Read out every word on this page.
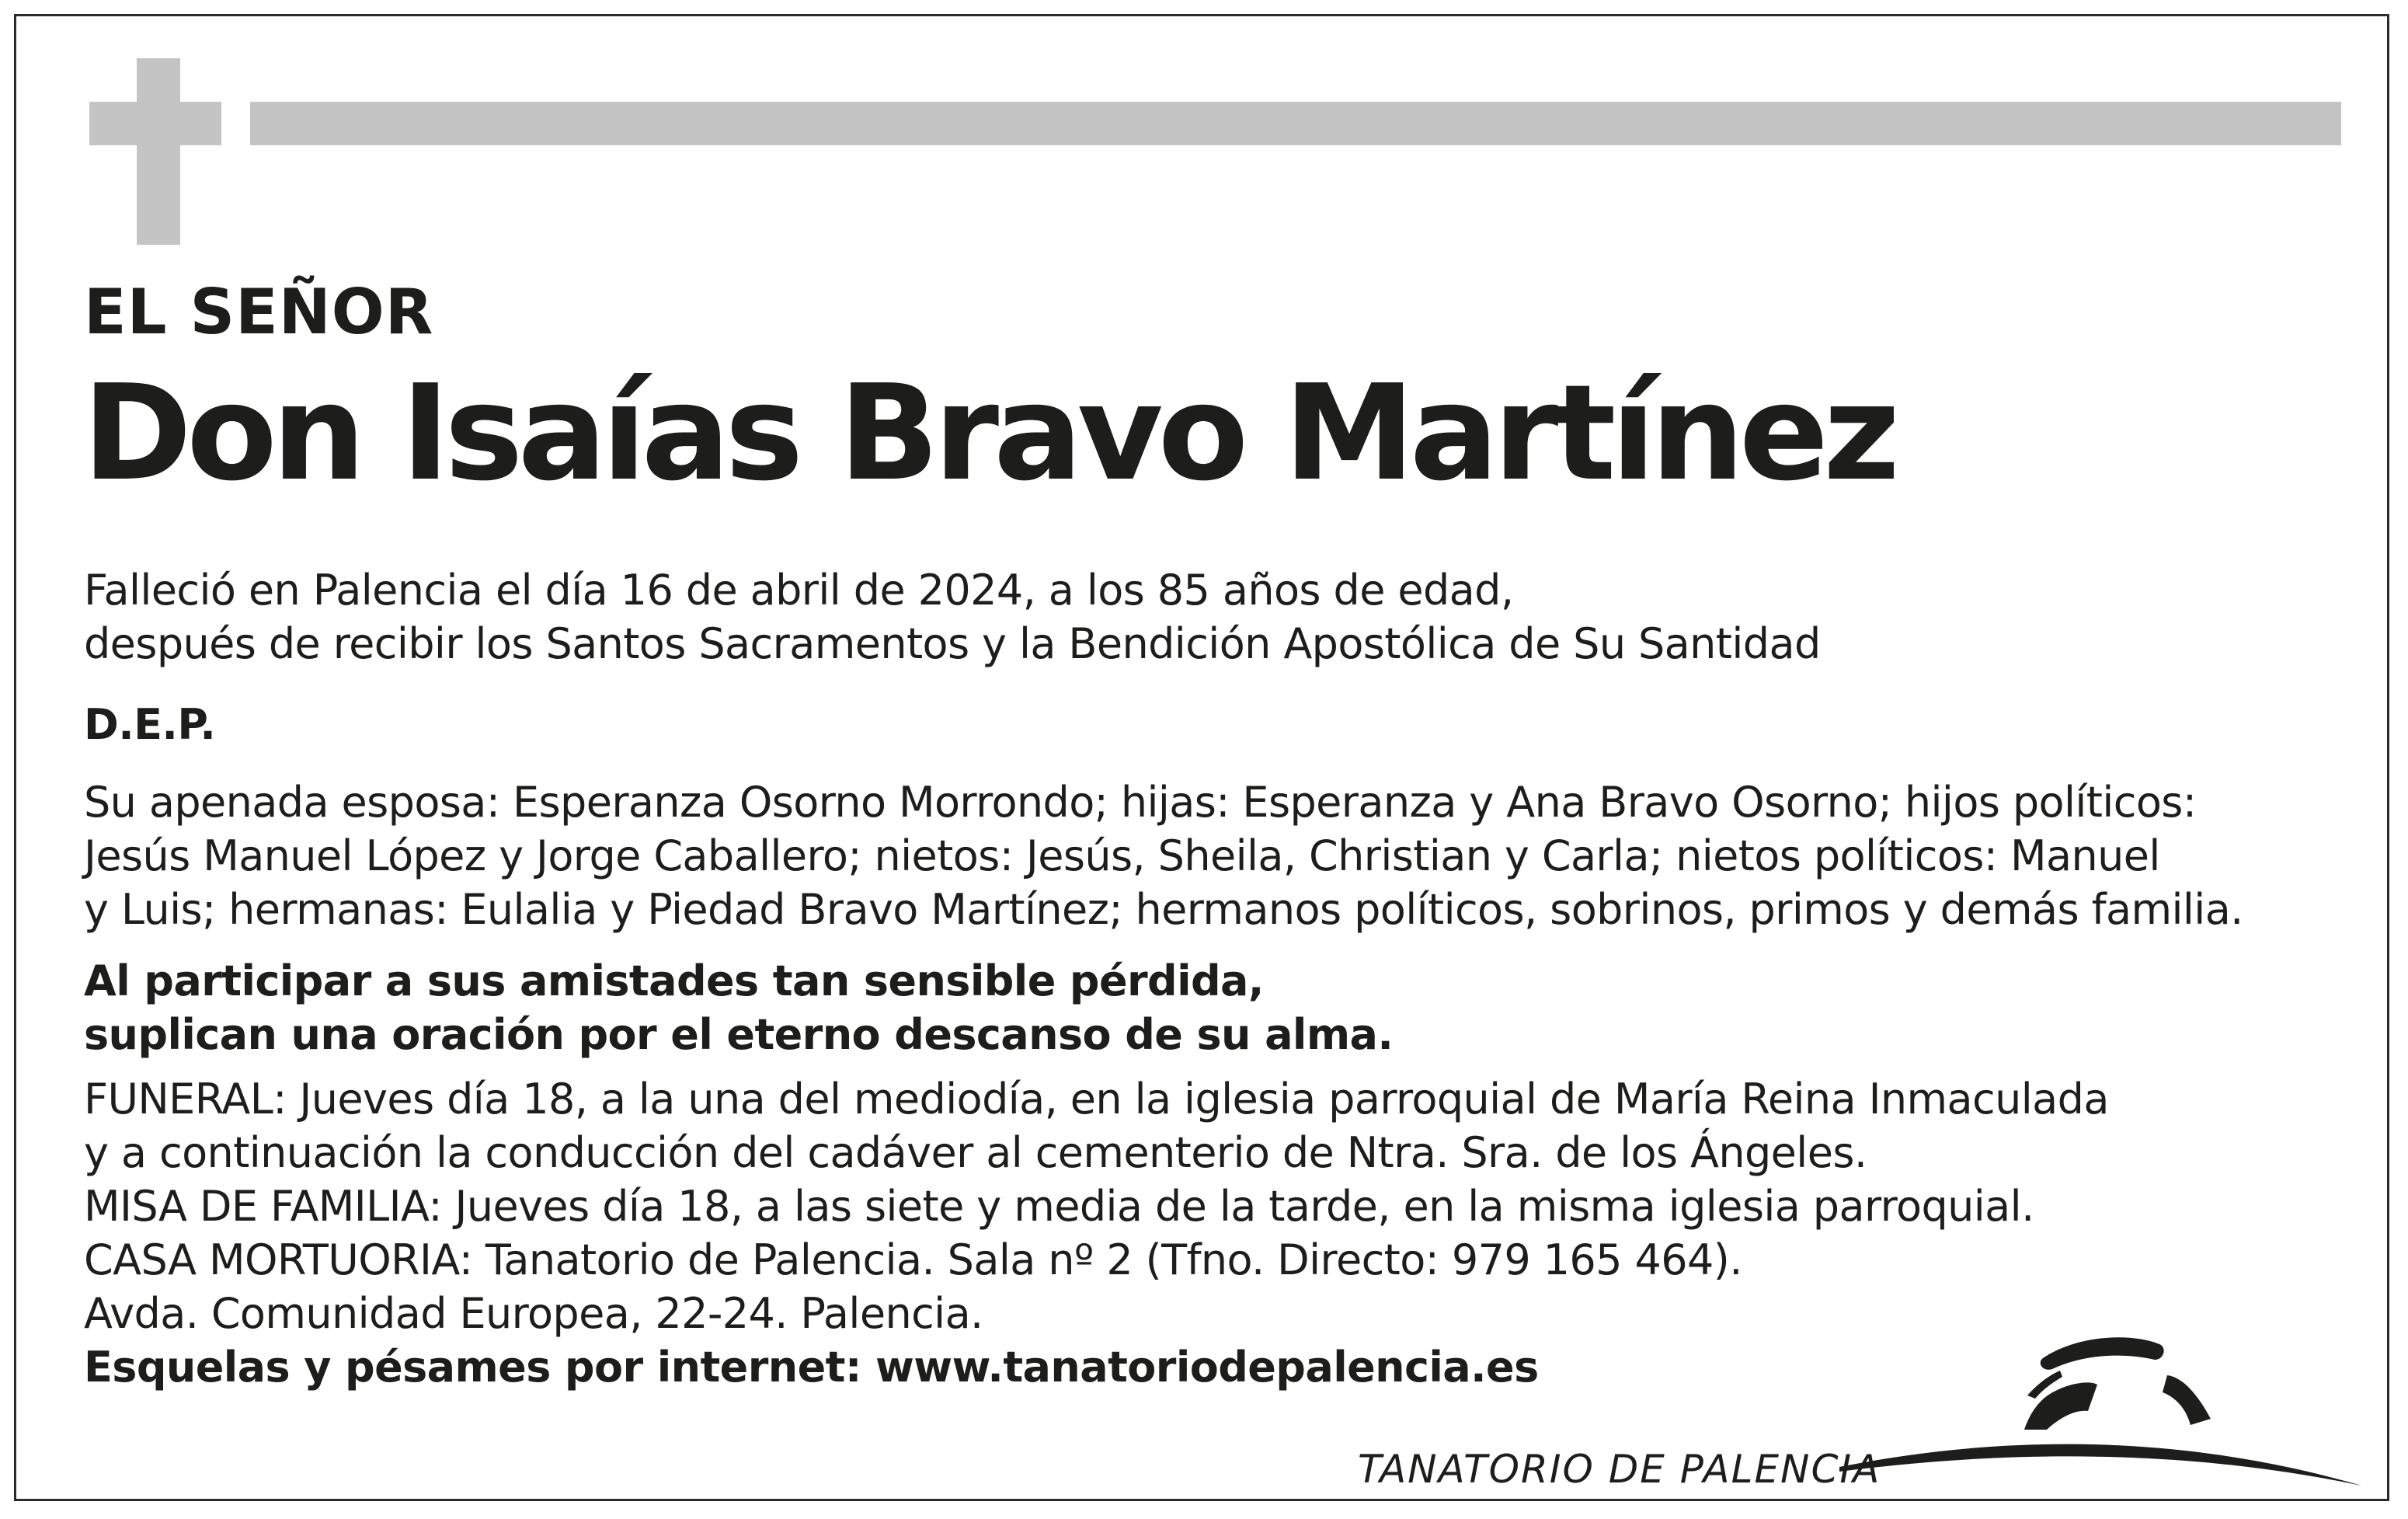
EL SEÑOR
Don Isaías Bravo Martínez
Falleció en Palencia el día 16 de abril de 2024, a los 85 años de edad,
después de recibir los Santos Sacramentos y la Bendición Apostólica de Su Santidad
D.E.P.
Su apenada esposa: Esperanza Osorno Morrondo; hijas: Esperanza y Ana Bravo Osorno; hijos políticos:
Jesús Manuel López y Jorge Caballero; nietos: Jesús, Sheila, Christian y Carla; nietos políticos: Manuel
y Luis; hermanas: Eulalia y Piedad Bravo Martínez; hermanos políticos, sobrinos, primos y demás familia.
Al participar a sus amistades tan sensible pérdida,
suplican una oración por el eterno descanso de su alma.
FUNERAL: Jueves día 18, a la una del mediodía, en la iglesia parroquial de María Reina Inmaculada
y a continuación la conducción del cadáver al cementerio de Ntra. Sra. de los Ángeles.
MISA DE FAMILIA: Jueves día 18, a las siete y media de la tarde, en la misma iglesia parroquial.
CASA MORTUORIA: Tanatorio de Palencia. Sala nº 2 (Tfno. Directo: 979 165 464).
Avda. Comunidad Europea, 22-24. Palencia.
Esquelas y pésames por internet: www.tanatoriodepalencia.es
TANATORIO DE PALENCIA
